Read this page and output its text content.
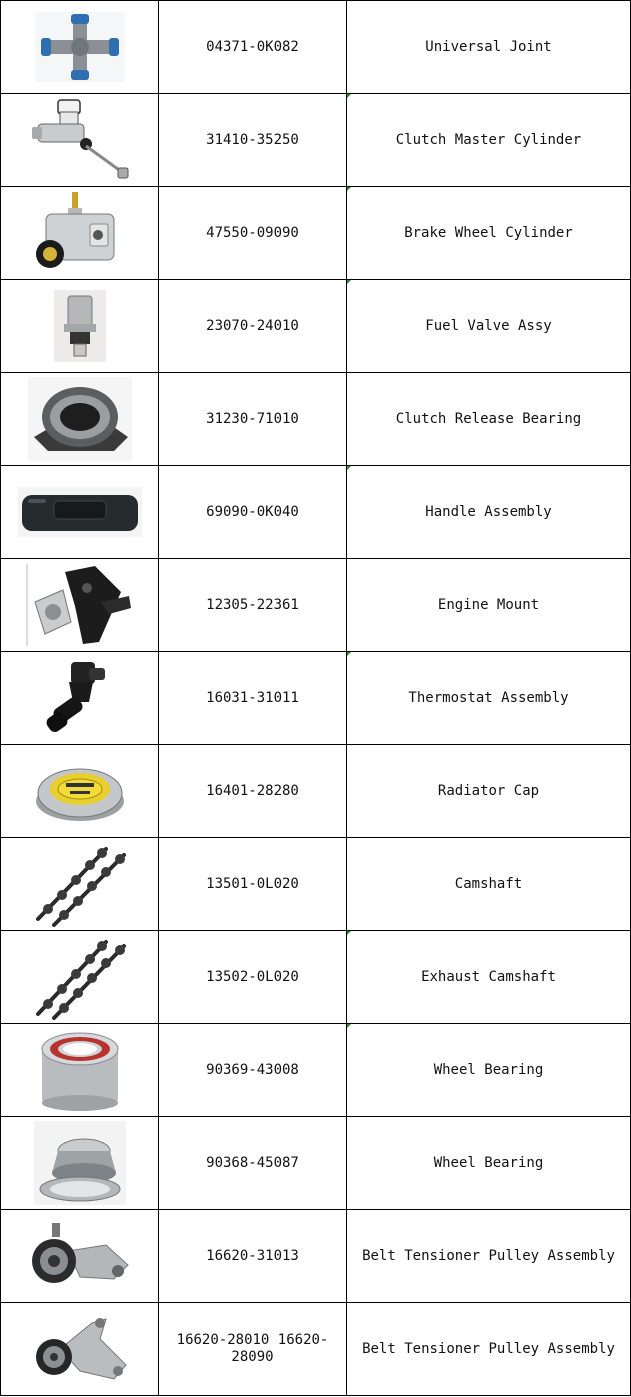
	04371-0K082	Universal Joint

	31410-35250	Clutch Master Cylinder

	47550-09090	Brake Wheel Cylinder

	23070-24010	Fuel Valve Assy

	31230-71010	Clutch Release Bearing

	69090-0K040	Handle Assembly

	12305-22361	Engine Mount

	16031-31011	Thermostat Assembly

	16401-28280	Radiator Cap

	13501-0L020	Camshaft

	13502-0L020	Exhaust Camshaft

	90369-43008	Wheel Bearing

	90368-45087	Wheel Bearing

	16620-31013	Belt Tensioner Pulley Assembly

	16620-28010 16620-28090	Belt Tensioner Pulley Assembly
